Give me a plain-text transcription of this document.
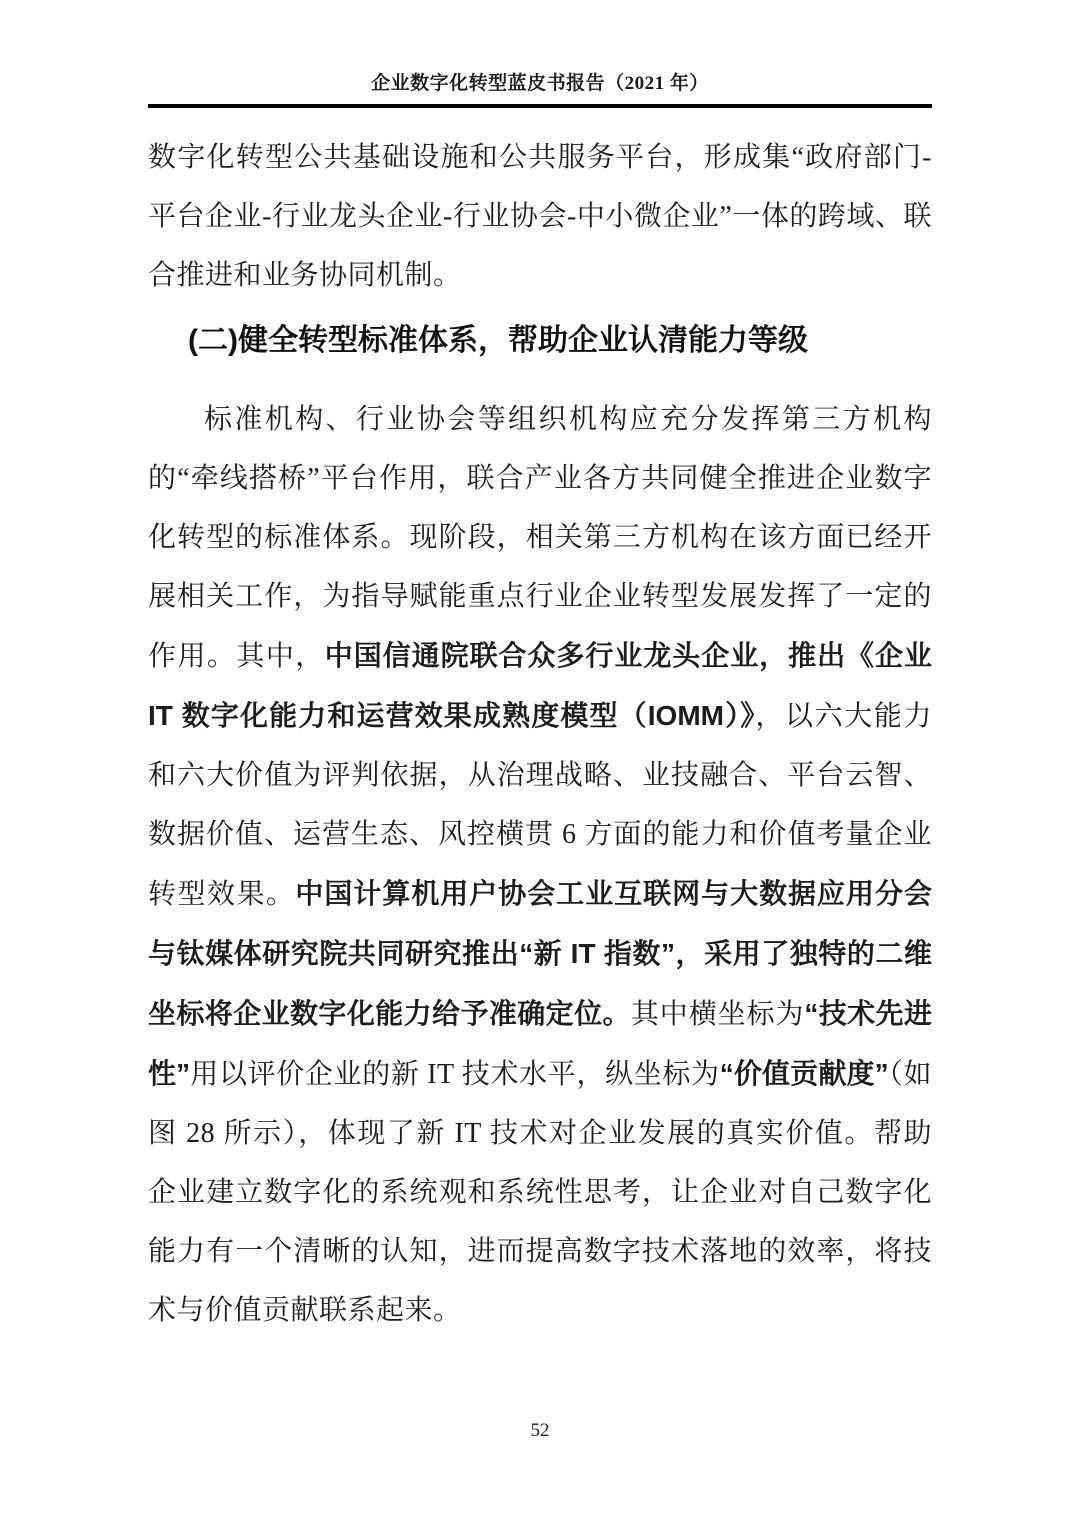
企业数字化转型蓝皮书报告（2021 年）
数字化转型公共基础设施和公共服务平台，形成集“政府部门-平台企业-行业龙头企业-行业协会-中小微企业”一体的跨域、联合推进和业务协同机制。
(二)健全转型标准体系，帮助企业认清能力等级
标准机构、行业协会等组织机构应充分发挥第三方机构的“牵线搭桥”平台作用，联合产业各方共同健全推进企业数字化转型的标准体系。现阶段，相关第三方机构在该方面已经开展相关工作，为指导赋能重点行业企业转型发展发挥了一定的作用。其中，中国信通院联合众多行业龙头企业，推出《企业 IT 数字化能力和运营效果成熟度模型（IOMM）》，以六大能力和六大价值为评判依据，从治理战略、业技融合、平台云智、数据价值、运营生态、风控横贯 6 方面的能力和价值考量企业转型效果。中国计算机用户协会工业互联网与大数据应用分会与钛媒体研究院共同研究推出“新 IT 指数”，采用了独特的二维坐标将企业数字化能力给予准确定位。其中横坐标为“技术先进性”用以评价企业的新 IT 技术水平，纵坐标为“价值贡献度”（如图 28 所示），体现了新 IT 技术对企业发展的真实价值。帮助企业建立数字化的系统观和系统性思考，让企业对自己数字化能力有一个清晰的认知，进而提高数字技术落地的效率，将技术与价值贡献联系起来。
52
